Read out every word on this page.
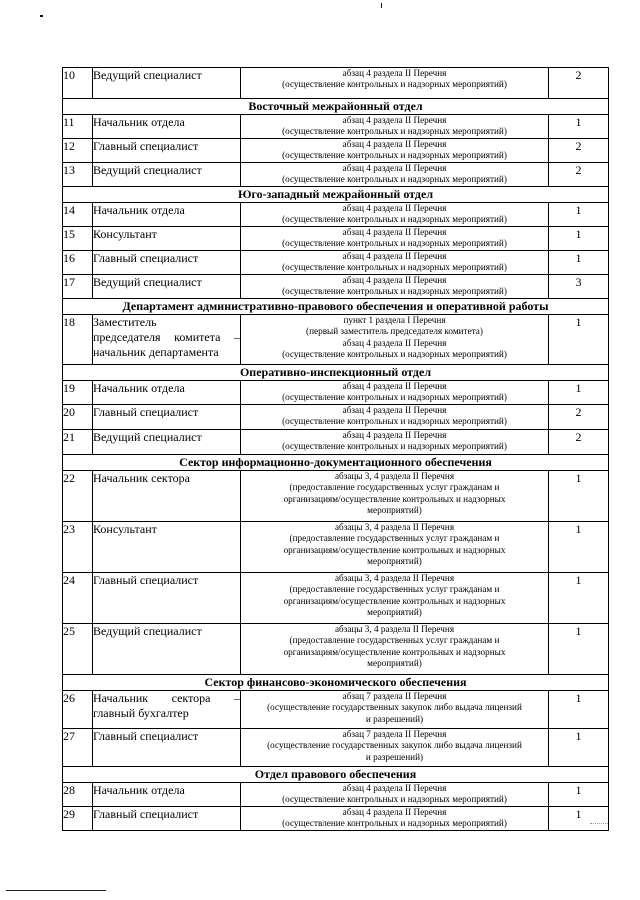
10	Ведущий специалист	абзац 4 раздела II Перечня
(осуществление контрольных и надзорных мероприятий)	2
Восточный межрайонный отдел			
11	Начальник отдела	абзац 4 раздела II Перечня
(осуществление контрольных и надзорных мероприятий)	1
12	Главный специалист	абзац 4 раздела II Перечня
(осуществление контрольных и надзорных мероприятий)	2
13	Ведущий специалист	абзац 4 раздела II Перечня
(осуществление контрольных и надзорных мероприятий)	2
Юго-западный межрайонный отдел			
14	Начальник отдела	абзац 4 раздела II Перечня
(осуществление контрольных и надзорных мероприятий)	1
15	Консультант	абзац 4 раздела II Перечня
(осуществление контрольных и надзорных мероприятий)	1
16	Главный специалист	абзац 4 раздела II Перечня
(осуществление контрольных и надзорных мероприятий)	1
17	Ведущий специалист	абзац 4 раздела II Перечня
(осуществление контрольных и надзорных мероприятий)	3
Департамент административно-правового обеспечения и оперативной работы			
18	Заместитель
председателя комитета –
начальник департамента	пункт 1 раздела I Перечня
(первый заместитель председателя комитета)
абзац 4 раздела II Перечня
(осуществление контрольных и надзорных мероприятий)	1
Оперативно-инспекционный отдел			
19	Начальник отдела	абзац 4 раздела II Перечня
(осуществление контрольных и надзорных мероприятий)	1
20	Главный специалист	абзац 4 раздела II Перечня
(осуществление контрольных и надзорных мероприятий)	2
21	Ведущий специалист	абзац 4 раздела II Перечня
(осуществление контрольных и надзорных мероприятий)	2
Сектор информационно-документационного обеспечения			
22	Начальник сектора	абзацы 3, 4 раздела II Перечня
(предоставление государственных услуг гражданам и
организациям/осуществление контрольных и надзорных
мероприятий)	1
23	Консультант	абзацы 3, 4 раздела II Перечня
(предоставление государственных услуг гражданам и
организациям/осуществление контрольных и надзорных
мероприятий)	1
24	Главный специалист	абзацы 3, 4 раздела II Перечня
(предоставление государственных услуг гражданам и
организациям/осуществление контрольных и надзорных
мероприятий)	1
25	Ведущий специалист	абзацы 3, 4 раздела II Перечня
(предоставление государственных услуг гражданам и
организациям/осуществление контрольных и надзорных
мероприятий)	1
Сектор финансово-экономического обеспечения			
26	Начальник сектора –
главный бухгалтер	абзац 7 раздела II Перечня
(осуществление государственных закупок либо выдача лицензий
и разрешений)	1
27	Главный специалист	абзац 7 раздела II Перечня
(осуществление государственных закупок либо выдача лицензий
и разрешений)	1
Отдел правового обеспечения			
28	Начальник отдела	абзац 4 раздела II Перечня
(осуществление контрольных и надзорных мероприятий)	1
29	Главный специалист	абзац 4 раздела II Перечня
(осуществление контрольных и надзорных мероприятий)	1
